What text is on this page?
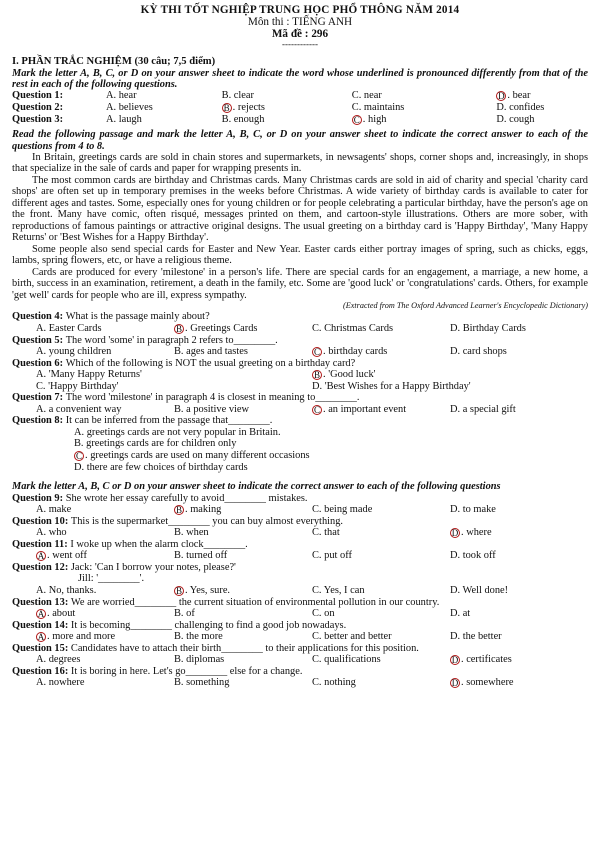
KỲ THI TỐT NGHIỆP TRUNG HỌC PHỔ THÔNG NĂM 2014
Môn thi : TIẾNG ANH
Mã đề : 296
------------
I. PHẦN TRẮC NGHIỆM (30 câu; 7,5 điểm)
Mark the letter A, B, C, or D on your answer sheet to indicate the word whose underlined is pronounced differently from that of the rest in each of the following questions.
Question 1:	A. hear	B. clear	C. near	D . bear
Question 2:	A. believes	B . rejects	C. maintains	D. confides
Question 3:	A. laugh	B. enough	C . high	D. cough
Read the following passage and mark the letter A, B, C, or D on your answer sheet to indicate the correct answer to each of the questions from 4 to 8.
In Britain, greetings cards are sold in chain stores and supermarkets, in newsagents' shops, corner shops and, increasingly, in shops that specialize in the sale of cards and paper for wrapping presents in.
The most common cards are birthday and Christmas cards. Many Christmas cards are sold in aid of charity and special 'charity card shops' are often set up in temporary premises in the weeks before Christmas. A wide variety of birthday cards is available to cater for different ages and tastes. Some, especially ones for young children or for people celebrating a particular birthday, have the person's age on the front. Many have comic, often risqué, messages printed on them, and cartoon-style illustrations. Others are more sober, with reproductions of famous paintings or attractive original designs. The usual greeting on a birthday card is 'Happy Birthday', 'Many Happy Returns' or 'Best Wishes for a Happy Birthday'.
Some people also send special cards for Easter and New Year. Easter cards either portray images of spring, such as chicks, eggs, lambs, spring flowers, etc, or have a religious theme.
Cards are produced for every 'milestone' in a person's life. There are special cards for an engagement, a marriage, a new home, a birth, success in an examination, retirement, a death in the family, etc. Some are 'good luck' or 'congratulations' cards. Others, for example 'get well' cards for people who are ill, express sympathy.
(Extracted from The Oxford Advanced Learner's Encyclopedic Dictionary)
Question 4: What is the passage mainly about?
A. Easter Cards	B . Greetings Cards	C. Christmas Cards	D. Birthday Cards
Question 5: The word 'some' in paragraph 2 refers to________.
A. young children	B. ages and tastes	C . birthday cards	D. card shops
Question 6: Which of the following is NOT the usual greeting on a birthday card?
A. 'Many Happy Returns'	B . 'Good luck'
C. 'Happy Birthday'	D. 'Best Wishes for a Happy Birthday'
Question 7: The word 'milestone' in paragraph 4 is closest in meaning to________.
A. a convenient way	B. a positive view	C . an important event	D. a special gift
Question 8: It can be inferred from the passage that________.
A. greetings cards are not very popular in Britain.
B. greetings cards are for children only
C . greetings cards are used on many different occasions
D. there are few choices of birthday cards
Mark the letter A, B, C or D on your answer sheet to indicate the correct answer to each of the following questions
Question 9: She wrote her essay carefully to avoid________ mistakes.
A. make	B . making	C. being made	D. to make
Question 10: This is the supermarket________ you can buy almost everything.
A. who	B. when	C. that	D . where
Question 11: I woke up when the alarm clock________.
A . went off	B. turned off	C. put off	D. took off
Question 12: Jack: 'Can I borrow your notes, please?'
Jill: '________'.
A. No, thanks.	B . Yes, sure.	C. Yes, I can	D. Well done!
Question 13: We are worried________ the current situation of environmental pollution in our country.
A . about	B. of	C. on	D. at
Question 14: It is becoming________ challenging to find a good job nowadays.
A . more and more	B. the more	C. better and better	D. the better
Question 15: Candidates have to attach their birth________ to their applications for this position.
A. degrees	B. diplomas	C. qualifications	D . certificates
Question 16: It is boring in here. Let's go________ else for a change.
A. nowhere	B. something	C. nothing	D . somewhere
